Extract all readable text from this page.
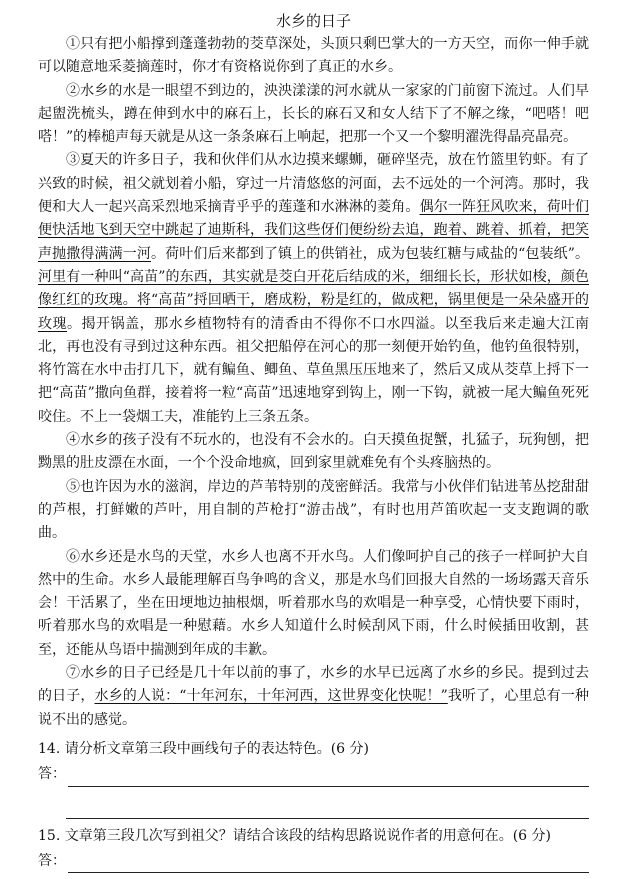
水乡的日子

①只有把小船撑到蓬蓬勃勃的茭草深处，头顶只剩巴掌大的一方天空，而你一伸手就可以随意地采菱摘莲时，你才有资格说你到了真正的水乡。

②水乡的水是一眼望不到边的，泱泱漾漾的河水就从一家家的门前窗下流过。人们早起盥洗梳头，蹲在伸到水中的麻石上，长长的麻石又和女人结下了不解之缘，“吧嗒！吧嗒！”的棒槌声每天就是从这一条条麻石上响起，把那一个又一个黎明濯洗得晶亮晶亮。

③夏天的许多日子，我和伙伴们从水边摸来螺蛳，砸碎坚壳，放在竹篮里钓虾。有了兴致的时候，祖父就划着小船，穿过一片清悠悠的河面，去不远处的一个河湾。那时，我便和大人一起兴高采烈地采摘青乎乎的莲蓬和水淋淋的菱角。偶尔一阵狂风吹来，荷叶们便快活地飞到天空中跳起了迪斯科，我们这些伢们便纷纷去追，跑着、跳着、抓着，把笑声抛撒得满满一河。荷叶们后来都到了镇上的供销社，成为包装红糖与咸盐的“包装纸”。河里有一种叫“高苗”的东西，其实就是茭白开花后结成的米，细细长长，形状如梭，颜色像红红的玫瑰。将“高苗”捋回晒干，磨成粉，粉是红的，做成粑，锅里便是一朵朵盛开的玫瑰。揭开锅盖，那水乡植物特有的清香由不得你不口水四溢。以至我后来走遍大江南北，再也没有寻到过这种东西。祖父把船停在河心的那一刻便开始钓鱼，他钓鱼很特别，将竹篙在水中击打几下，就有鳊鱼、鲫鱼、草鱼黑压压地来了，然后又成从茭草上捋下一把“高苗”撒向鱼群，接着将一粒“高苗”迅速地穿到钩上，刚一下钩，就被一尾大鳊鱼死死咬住。不上一袋烟工夫，准能钓上三条五条。

④水乡的孩子没有不玩水的，也没有不会水的。白天摸鱼捉蟹，扎猛子，玩狗刨，把黝黑的肚皮漂在水面，一个个没命地疯，回到家里就难免有个头疼脑热的。

⑤也许因为水的滋润，岸边的芦苇特别的茂密鲜活。我常与小伙伴们钻进苇丛挖甜甜的芦根，打鲜嫩的芦叶，用自制的芦枪打“游击战”，有时也用芦笛吹起一支支跑调的歌曲。

⑥水乡还是水鸟的天堂，水乡人也离不开水鸟。人们像呵护自己的孩子一样呵护大自然中的生命。水乡人最能理解百鸟争鸣的含义，那是水鸟们回报大自然的一场场露天音乐会！干活累了，坐在田埂地边抽根烟，听着那水鸟的欢唱是一种享受，心情快要下雨时，听着那水鸟的欢唱是一种慰藉。水乡人知道什么时候刮风下雨，什么时候插田收割，甚至，还能从鸟语中揣测到年成的丰歉。

⑦水乡的日子已经是几十年以前的事了，水乡的水早已远离了水乡的乡民。提到过去的日子，水乡的人说：“十年河东，十年河西，这世界变化快呢！”我听了，心里总有一种说不出的感觉。

14. 请分析文章第三段中画线句子的表达特色。(6 分)
答：
15. 文章第三段几次写到祖父？请结合该段的结构思路说说作者的用意何在。(6 分)
答：
